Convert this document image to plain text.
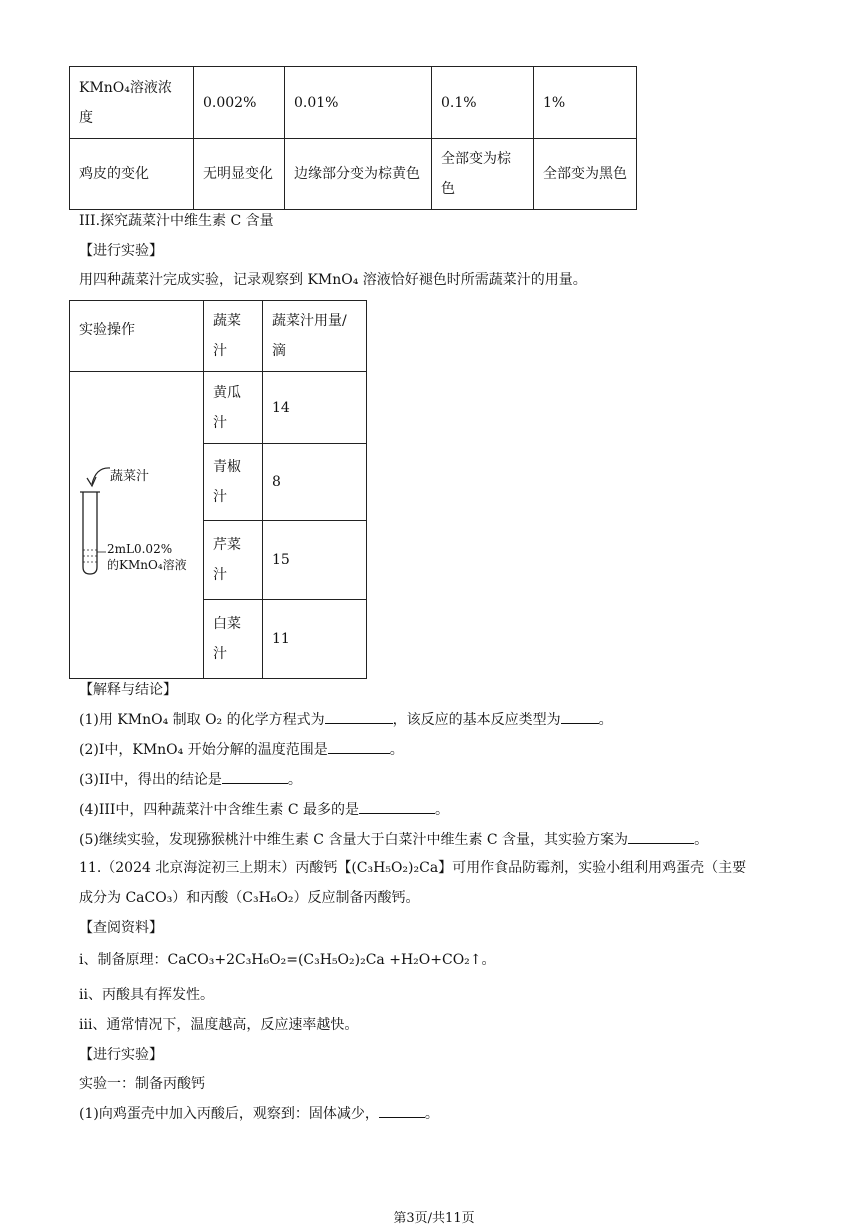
KMnO₄溶液浓度	0.002%	0.01%	0.1%	1%
鸡皮的变化	无明显变化	边缘部分变为棕黄色	全部变为棕色	全部变为黑色
III.探究蔬菜汁中维生素 C 含量
【进行实验】
用四种蔬菜汁完成实验，记录观察到 KMnO₄ 溶液恰好褪色时所需蔬菜汁的用量。
实验操作	蔬菜汁	蔬菜汁用量/滴

蔬菜汁
2mL0.02%
的KMnO₄溶液	黄瓜汁	14
	青椒汁	8
	芹菜汁	15
	白菜汁	11
【解释与结论】
(1)用 KMnO₄ 制取 O₂ 的化学方程式为	，该反应的基本反应类型为	。
(2)I中，KMnO₄ 开始分解的温度范围是	。
(3)II中，得出的结论是	。
(4)III中，四种蔬菜汁中含维生素 C 最多的是	。
(5)继续实验，发现猕猴桃汁中维生素 C 含量大于白菜汁中维生素 C 含量，其实验方案为	。
11.（2024 北京海淀初三上期末）丙酸钙【(C₃H₅O₂)₂Ca】可用作食品防霉剂，实验小组利用鸡蛋壳（主要
成分为 CaCO₃）和丙酸（C₃H₆O₂）反应制备丙酸钙。
【查阅资料】
i、制备原理：CaCO₃+2C₃H₆O₂=(C₃H₅O₂)₂Ca +H₂O+CO₂↑。
ii、丙酸具有挥发性。
iii、通常情况下，温度越高，反应速率越快。
【进行实验】
实验一：制备丙酸钙
(1)向鸡蛋壳中加入丙酸后，观察到：固体减少，	。
第3页/共11页
